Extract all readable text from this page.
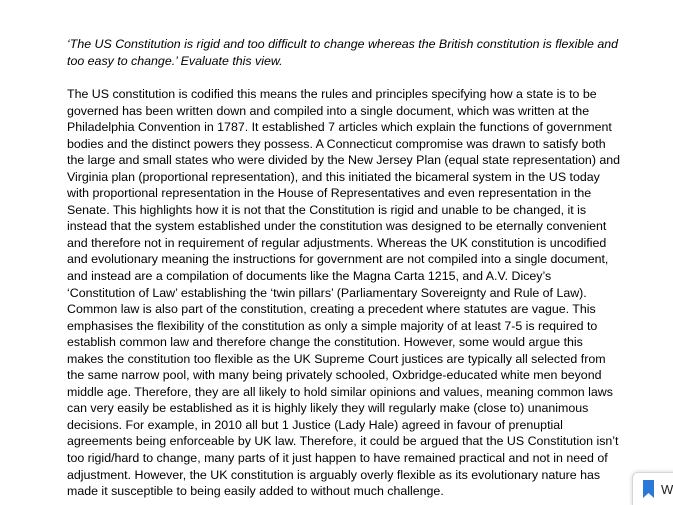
‘The US Constitution is rigid and too difficult to change whereas the British constitution is flexible and
too easy to change.’ Evaluate this view.

The US constitution is codified this means the rules and principles specifying how a state is to be
governed has been written down and compiled into a single document, which was written at the
Philadelphia Convention in 1787. It established 7 articles which explain the functions of government
bodies and the distinct powers they possess. A Connecticut compromise was drawn to satisfy both
the large and small states who were divided by the New Jersey Plan (equal state representation) and
Virginia plan (proportional representation), and this initiated the bicameral system in the US today
with proportional representation in the House of Representatives and even representation in the
Senate. This highlights how it is not that the Constitution is rigid and unable to be changed, it is
instead that the system established under the constitution was designed to be eternally convenient
and therefore not in requirement of regular adjustments. Whereas the UK constitution is uncodified
and evolutionary meaning the instructions for government are not compiled into a single document,
and instead are a compilation of documents like the Magna Carta 1215, and A.V. Dicey’s
‘Constitution of Law’ establishing the ‘twin pillars’ (Parliamentary Sovereignty and Rule of Law).
Common law is also part of the constitution, creating a precedent where statutes are vague. This
emphasises the flexibility of the constitution as only a simple majority of at least 7-5 is required to
establish common law and therefore change the constitution. However, some would argue this
makes the constitution too flexible as the UK Supreme Court justices are typically all selected from
the same narrow pool, with many being privately schooled, Oxbridge-educated white men beyond
middle age. Therefore, they are all likely to hold similar opinions and values, meaning common laws
can very easily be established as it is highly likely they will regularly make (close to) unanimous
decisions. For example, in 2010 all but 1 Justice (Lady Hale) agreed in favour of prenuptial
agreements being enforceable by UK law. Therefore, it could be argued that the US Constitution isn’t
too rigid/hard to change, many parts of it just happen to have remained practical and not in need of
adjustment. However, the UK constitution is arguably overly flexible as its evolutionary nature has
made it susceptible to being easily added to without much challenge.	W
